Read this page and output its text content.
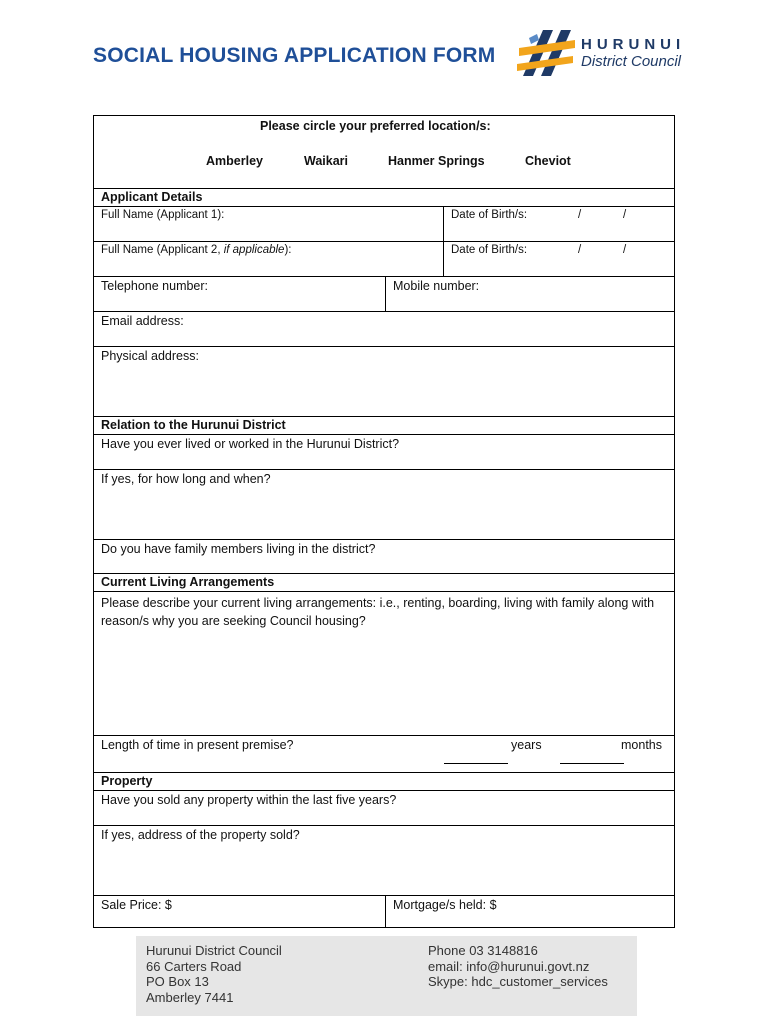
SOCIAL HOUSING APPLICATION FORM	HURUNUI
District Council
Please circle your preferred location/s:
Amberley	Waikari	Hanmer Springs	Cheviot
Applicant Details
Full Name (Applicant 1):	Date of Birth/s:	/	/
Full Name (Applicant 2, if applicable):	Date of Birth/s:	/	/
Telephone number:	Mobile number:
Email address:
Physical address:
Relation to the Hurunui District
Have you ever lived or worked in the Hurunui District?
If yes, for how long and when?
Do you have family members living in the district?
Current Living Arrangements
Please describe your current living arrangements: i.e., renting, boarding, living with family along with reason/s why you are seeking Council housing?
Length of time in present premise?	years	months
Property
Have you sold any property within the last five years?
If yes, address of the property sold?
Sale Price: $	Mortgage/s held: $
Hurunui District Council
66 Carters Road
PO Box 13
Amberley 7441
Phone 03 3148816
email: info@hurunui.govt.nz
Skype: hdc_customer_services
